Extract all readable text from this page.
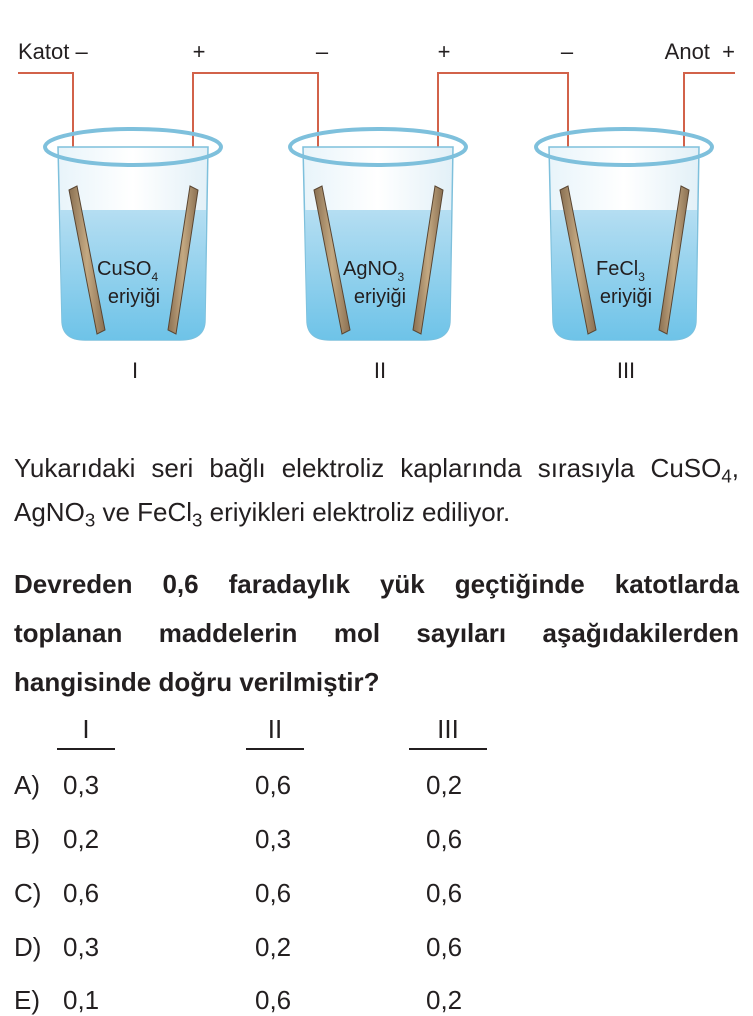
Katot –	+	–	+	–	Anot  +
CuSO$_4$
eriyiği
AgNO$_3$
eriyiği
FeCl$_3$
eriyiği
I	II	III

Yukarıdaki seri bağlı elektroliz kaplarında sırasıyla CuSO$_4$, AgNO$_3$ ve FeCl$_3$ eriyikleri elektroliz ediliyor.

Devreden 0,6 faradaylık yük geçtiğinde katotlarda toplanan maddelerin mol sayıları aşağıdakilerden hangisinde doğru verilmiştir?

I	II	III
A) 0,3	0,6	0,2
B) 0,2	0,3	0,6
C) 0,6	0,6	0,6
D) 0,3	0,2	0,6
E) 0,1	0,6	0,2
